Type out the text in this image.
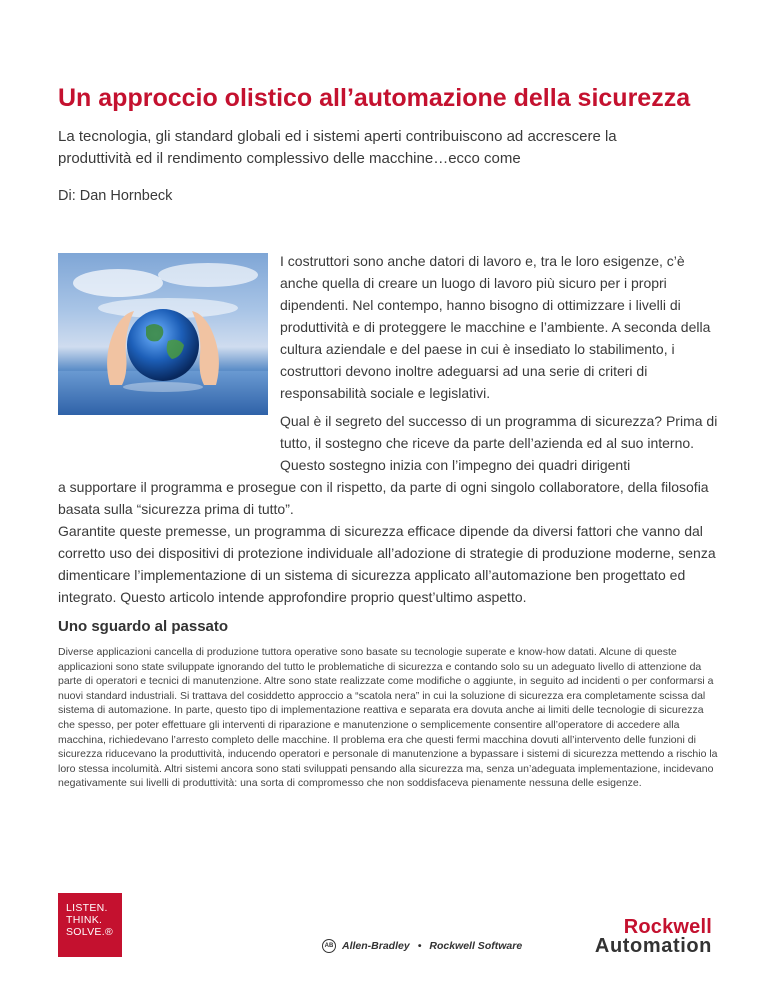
Un approccio olistico all’automazione della sicurezza

La tecnologia, gli standard globali ed i sistemi aperti contribuiscono ad accrescere la produttività ed il rendimento complessivo delle macchine…ecco come

Di: Dan Hornbeck

I costruttori sono anche datori di lavoro e, tra le loro esigenze, c’è anche quella di creare un luogo di lavoro più sicuro per i propri dipendenti. Nel contempo, hanno bisogno di ottimizzare i livelli di produttività e di proteggere le macchine e l’ambiente. A seconda della cultura aziendale e del paese in cui è insediato lo stabilimento, i costruttori devono inoltre adeguarsi ad una serie di criteri di responsabilità sociale e legislativi.

Qual è il segreto del successo di un programma di sicurezza? Prima di tutto, il sostegno che riceve da parte dell’azienda ed al suo interno. Questo sostegno inizia con l’impegno dei quadri dirigenti

a supportare il programma e prosegue con il rispetto, da parte di ogni singolo collaboratore, della filosofia basata sulla “sicurezza prima di tutto”.

Garantite queste premesse, un programma di sicurezza efficace dipende da diversi fattori che vanno dal corretto uso dei dispositivi di protezione individuale all’adozione di strategie di produzione moderne, senza dimenticare l’implementazione di un sistema di sicurezza applicato all’automazione ben progettato ed integrato. Questo articolo intende approfondire proprio quest’ultimo aspetto.

Uno sguardo al passato

Diverse applicazioni cancella di produzione tuttora operative sono basate su tecnologie superate e know-how datati. Alcune di queste applicazioni sono state sviluppate ignorando del tutto le problematiche di sicurezza e contando solo su un adeguato livello di attenzione da parte di operatori e tecnici di manutenzione. Altre sono state realizzate come modifiche o aggiunte, in seguito ad incidenti o per conformarsi a nuovi standard industriali. Si trattava del cosiddetto approccio a “scatola nera” in cui la soluzione di sicurezza era completamente scissa dal sistema di automazione. In parte, questo tipo di implementazione reattiva e separata era dovuta anche ai limiti delle tecnologie di sicurezza che spesso, per poter effettuare gli interventi di riparazione e manutenzione o semplicemente consentire all’operatore di accedere alla macchina, richiedevano l’arresto completo delle macchine. Il problema era che questi fermi macchina dovuti all’intervento delle funzioni di sicurezza riducevano la produttività, inducendo operatori e personale di manutenzione a bypassare i sistemi di sicurezza mettendo a rischio la loro stessa incolumità. Altri sistemi ancora sono stati sviluppati pensando alla sicurezza ma, senza un’adeguata implementazione, incidevano negativamente sui livelli di produttività: una sorta di compromesso che non soddisfaceva pienamente nessuna delle esigenze.

LISTEN.
THINK.
SOLVE.®
AB Allen-Bradley • Rockwell Software
Rockwell
Automation
